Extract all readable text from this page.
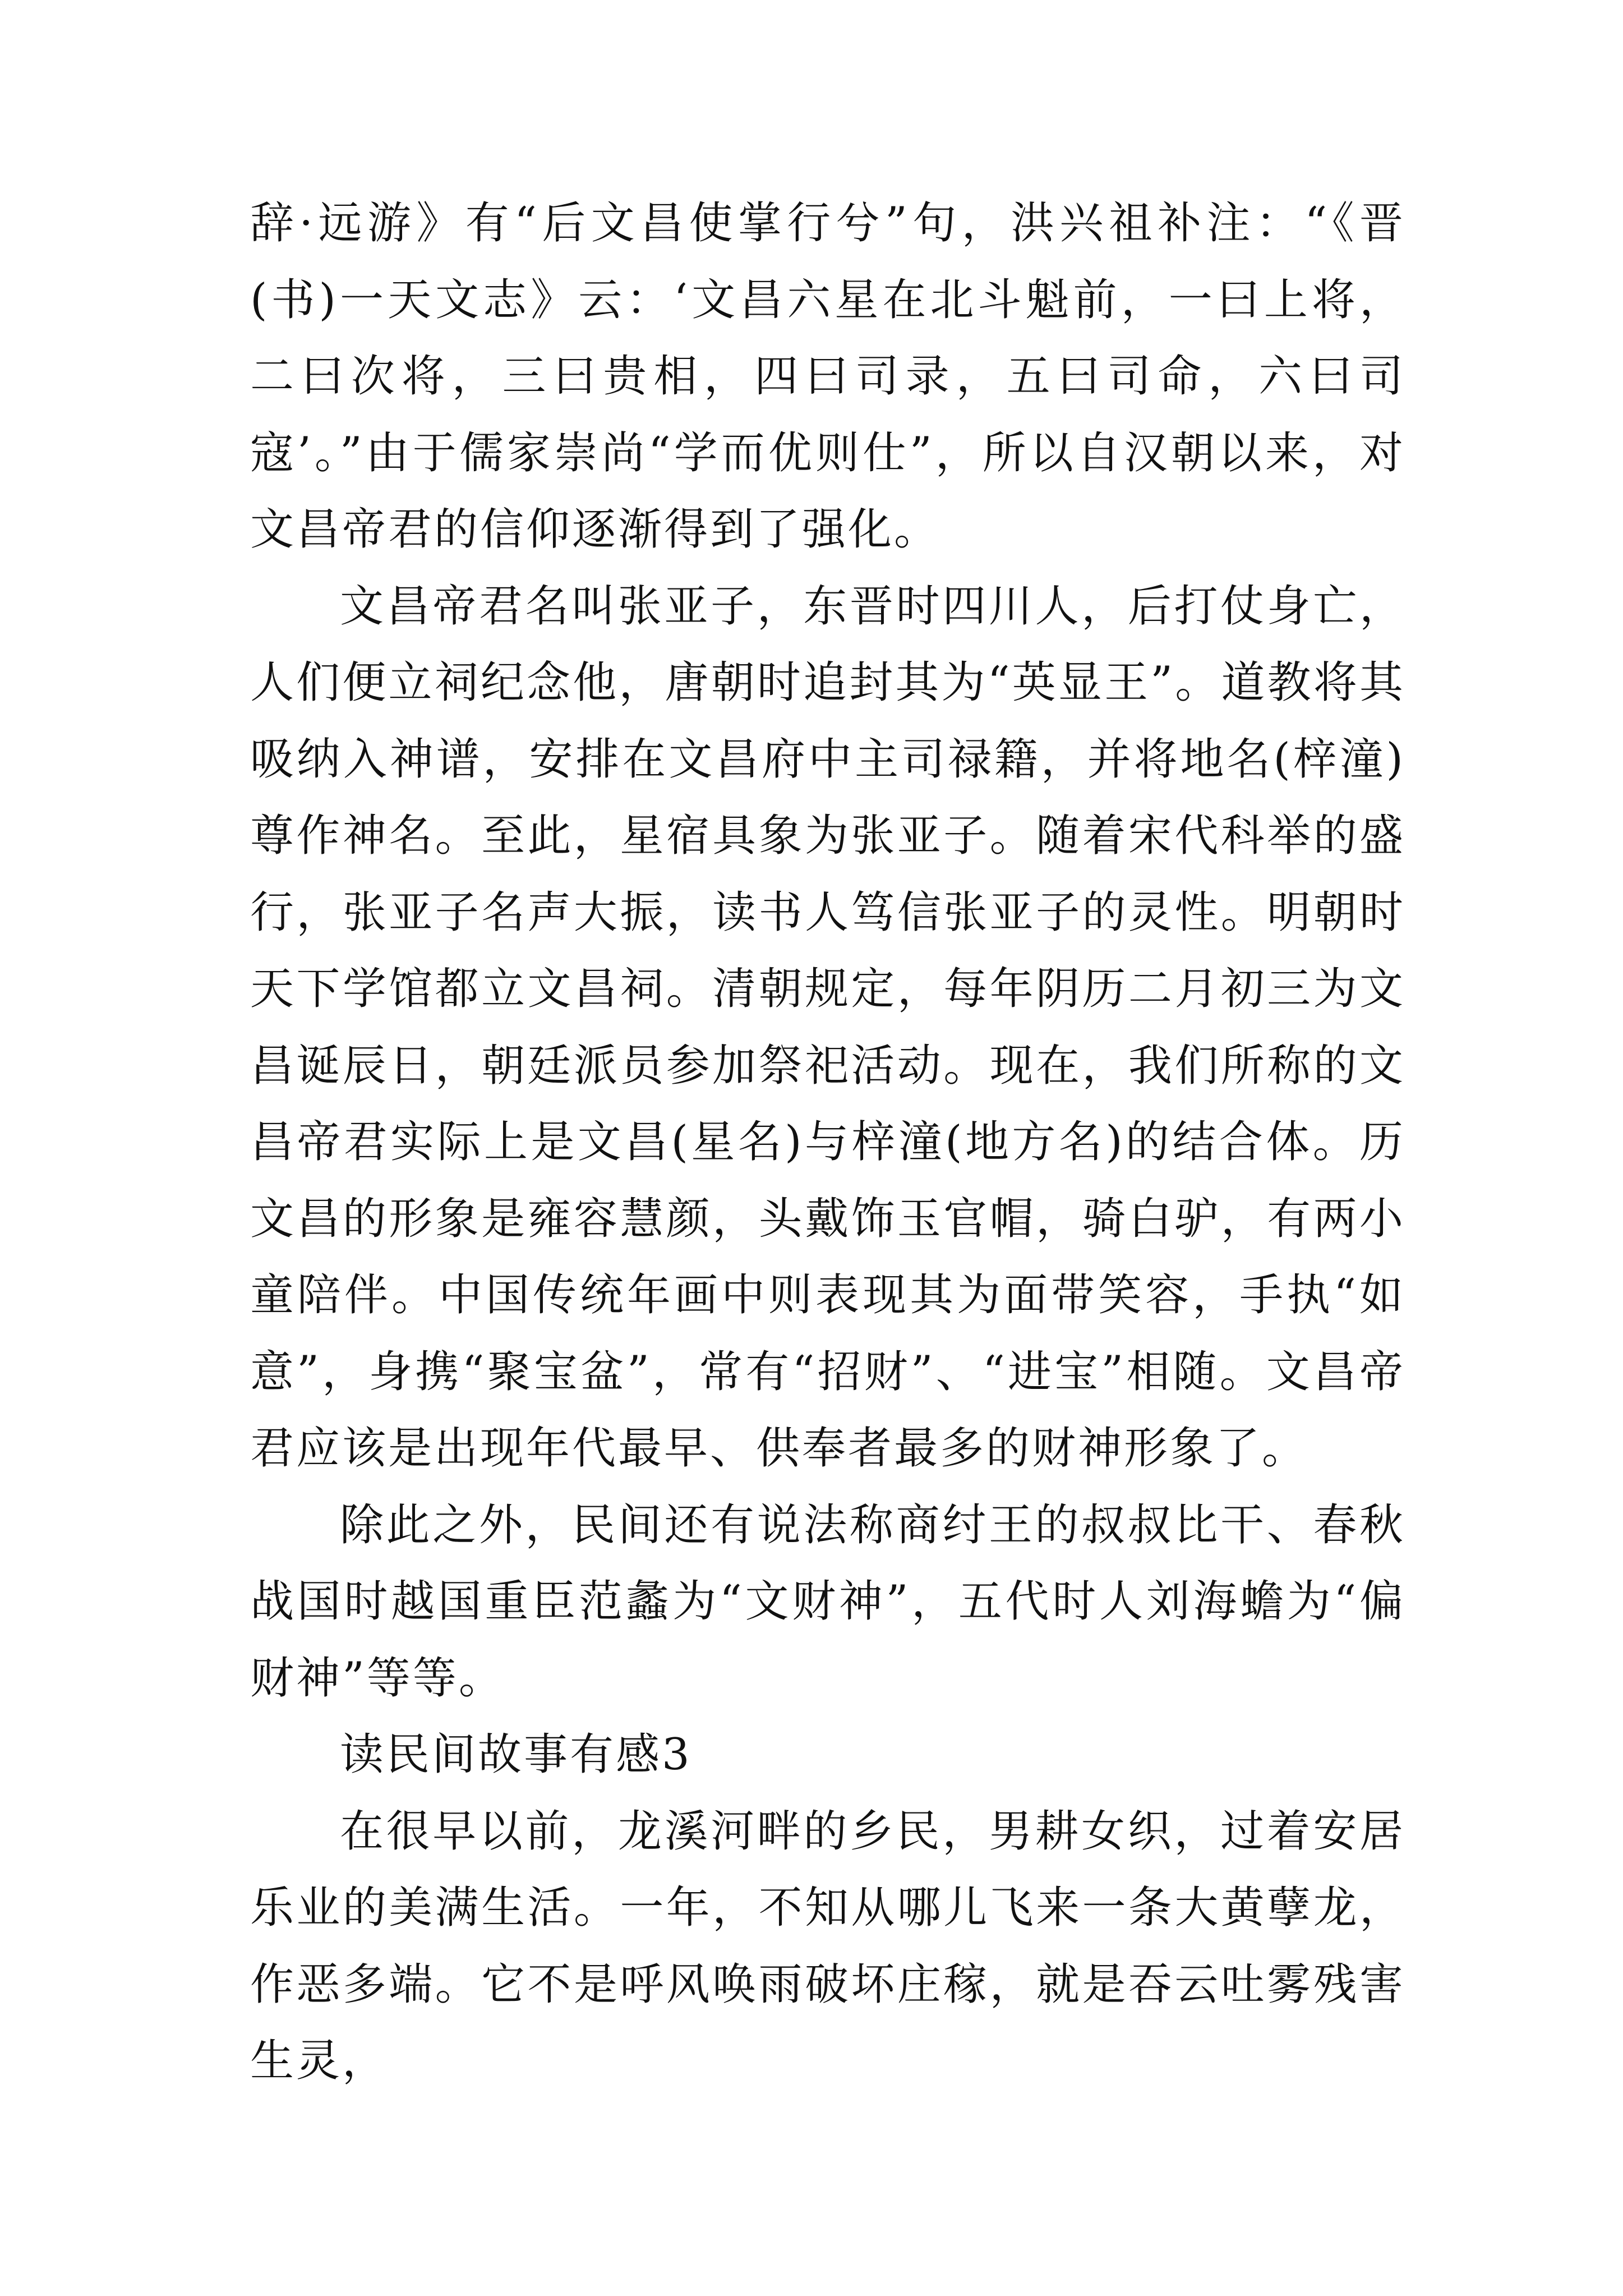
辞·远游》有“后文昌使掌行兮”句，洪兴祖补注：“《晋(书)一天文志》云：‘文昌六星在北斗魁前，一曰上将，二曰次将，三曰贵相，四曰司录，五曰司命，六曰司寇’。”由于儒家崇尚“学而优则仕”，所以自汉朝以来，对文昌帝君的信仰逐渐得到了强化。

文昌帝君名叫张亚子，东晋时四川人，后打仗身亡，人们便立祠纪念他，唐朝时追封其为“英显王”。道教将其吸纳入神谱，安排在文昌府中主司禄籍，并将地名(梓潼)尊作神名。至此，星宿具象为张亚子。随着宋代科举的盛行，张亚子名声大振，读书人笃信张亚子的灵性。明朝时天下学馆都立文昌祠。清朝规定，每年阴历二月初三为文昌诞辰日，朝廷派员参加祭祀活动。现在，我们所称的文昌帝君实际上是文昌(星名)与梓潼(地方名)的结合体。历文昌的形象是雍容慧颜，头戴饰玉官帽，骑白驴，有两小童陪伴。中国传统年画中则表现其为面带笑容，手执“如意”，身携“聚宝盆”，常有“招财”、“进宝”相随。文昌帝君应该是出现年代最早、供奉者最多的财神形象了。

除此之外，民间还有说法称商纣王的叔叔比干、春秋战国时越国重臣范蠡为“文财神”，五代时人刘海蟾为“偏财神”等等。

读民间故事有感3

在很早以前，龙溪河畔的乡民，男耕女织，过着安居乐业的美满生活。一年，不知从哪儿飞来一条大黄孽龙，作恶多端。它不是呼风唤雨破坏庄稼，就是吞云吐雾残害生灵，
